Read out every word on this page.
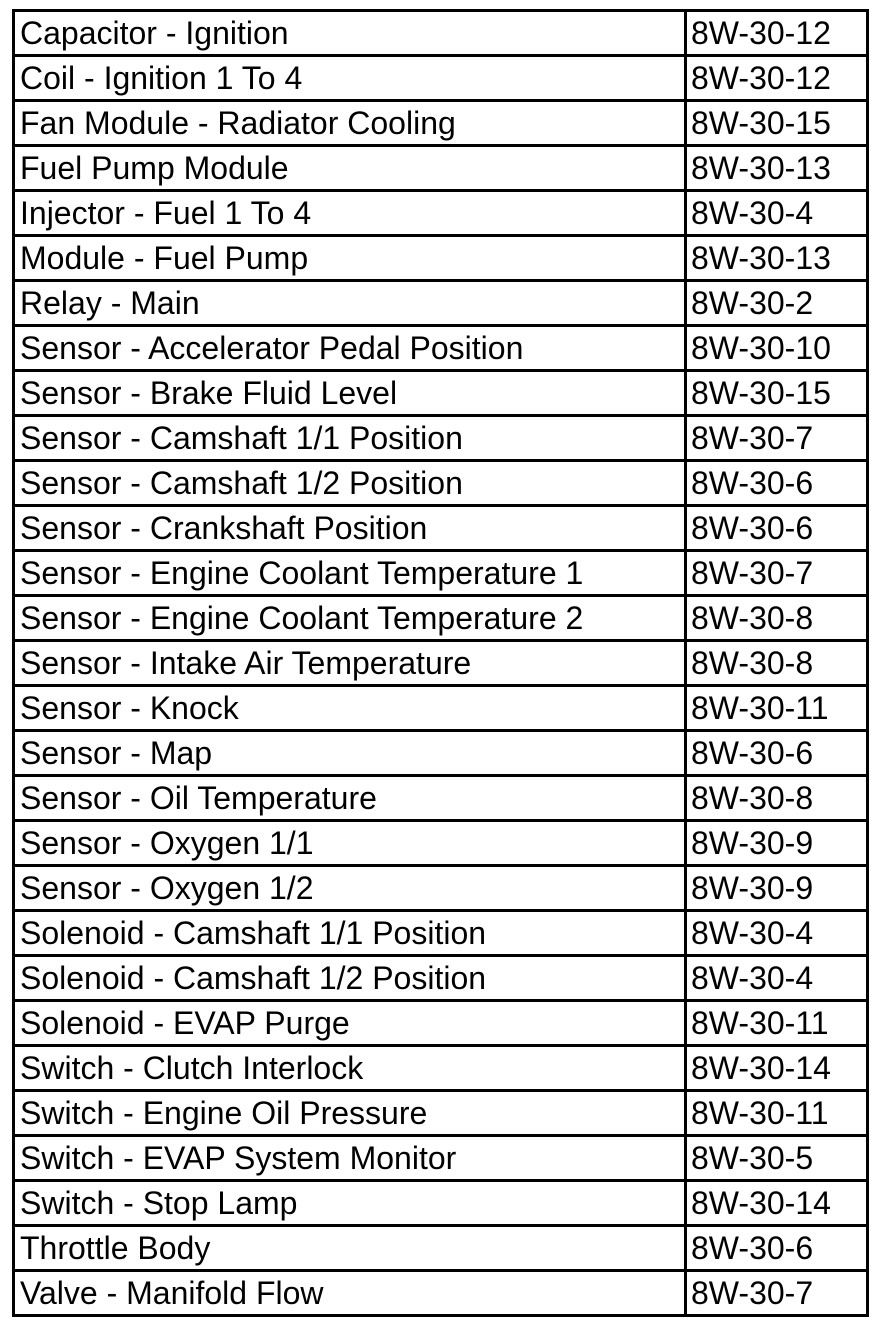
Capacitor - Ignition	8W-30-12
Coil - Ignition 1 To 4	8W-30-12
Fan Module - Radiator Cooling	8W-30-15
Fuel Pump Module	8W-30-13
Injector - Fuel 1 To 4	8W-30-4
Module - Fuel Pump	8W-30-13
Relay - Main	8W-30-2
Sensor - Accelerator Pedal Position	8W-30-10
Sensor - Brake Fluid Level	8W-30-15
Sensor - Camshaft 1/1 Position	8W-30-7
Sensor - Camshaft 1/2 Position	8W-30-6
Sensor - Crankshaft Position	8W-30-6
Sensor - Engine Coolant Temperature 1	8W-30-7
Sensor - Engine Coolant Temperature 2	8W-30-8
Sensor - Intake Air Temperature	8W-30-8
Sensor - Knock	8W-30-11
Sensor - Map	8W-30-6
Sensor - Oil Temperature	8W-30-8
Sensor - Oxygen 1/1	8W-30-9
Sensor - Oxygen 1/2	8W-30-9
Solenoid - Camshaft 1/1 Position	8W-30-4
Solenoid - Camshaft 1/2 Position	8W-30-4
Solenoid - EVAP Purge	8W-30-11
Switch - Clutch Interlock	8W-30-14
Switch - Engine Oil Pressure	8W-30-11
Switch - EVAP System Monitor	8W-30-5
Switch - Stop Lamp	8W-30-14
Throttle Body	8W-30-6
Valve - Manifold Flow	8W-30-7
